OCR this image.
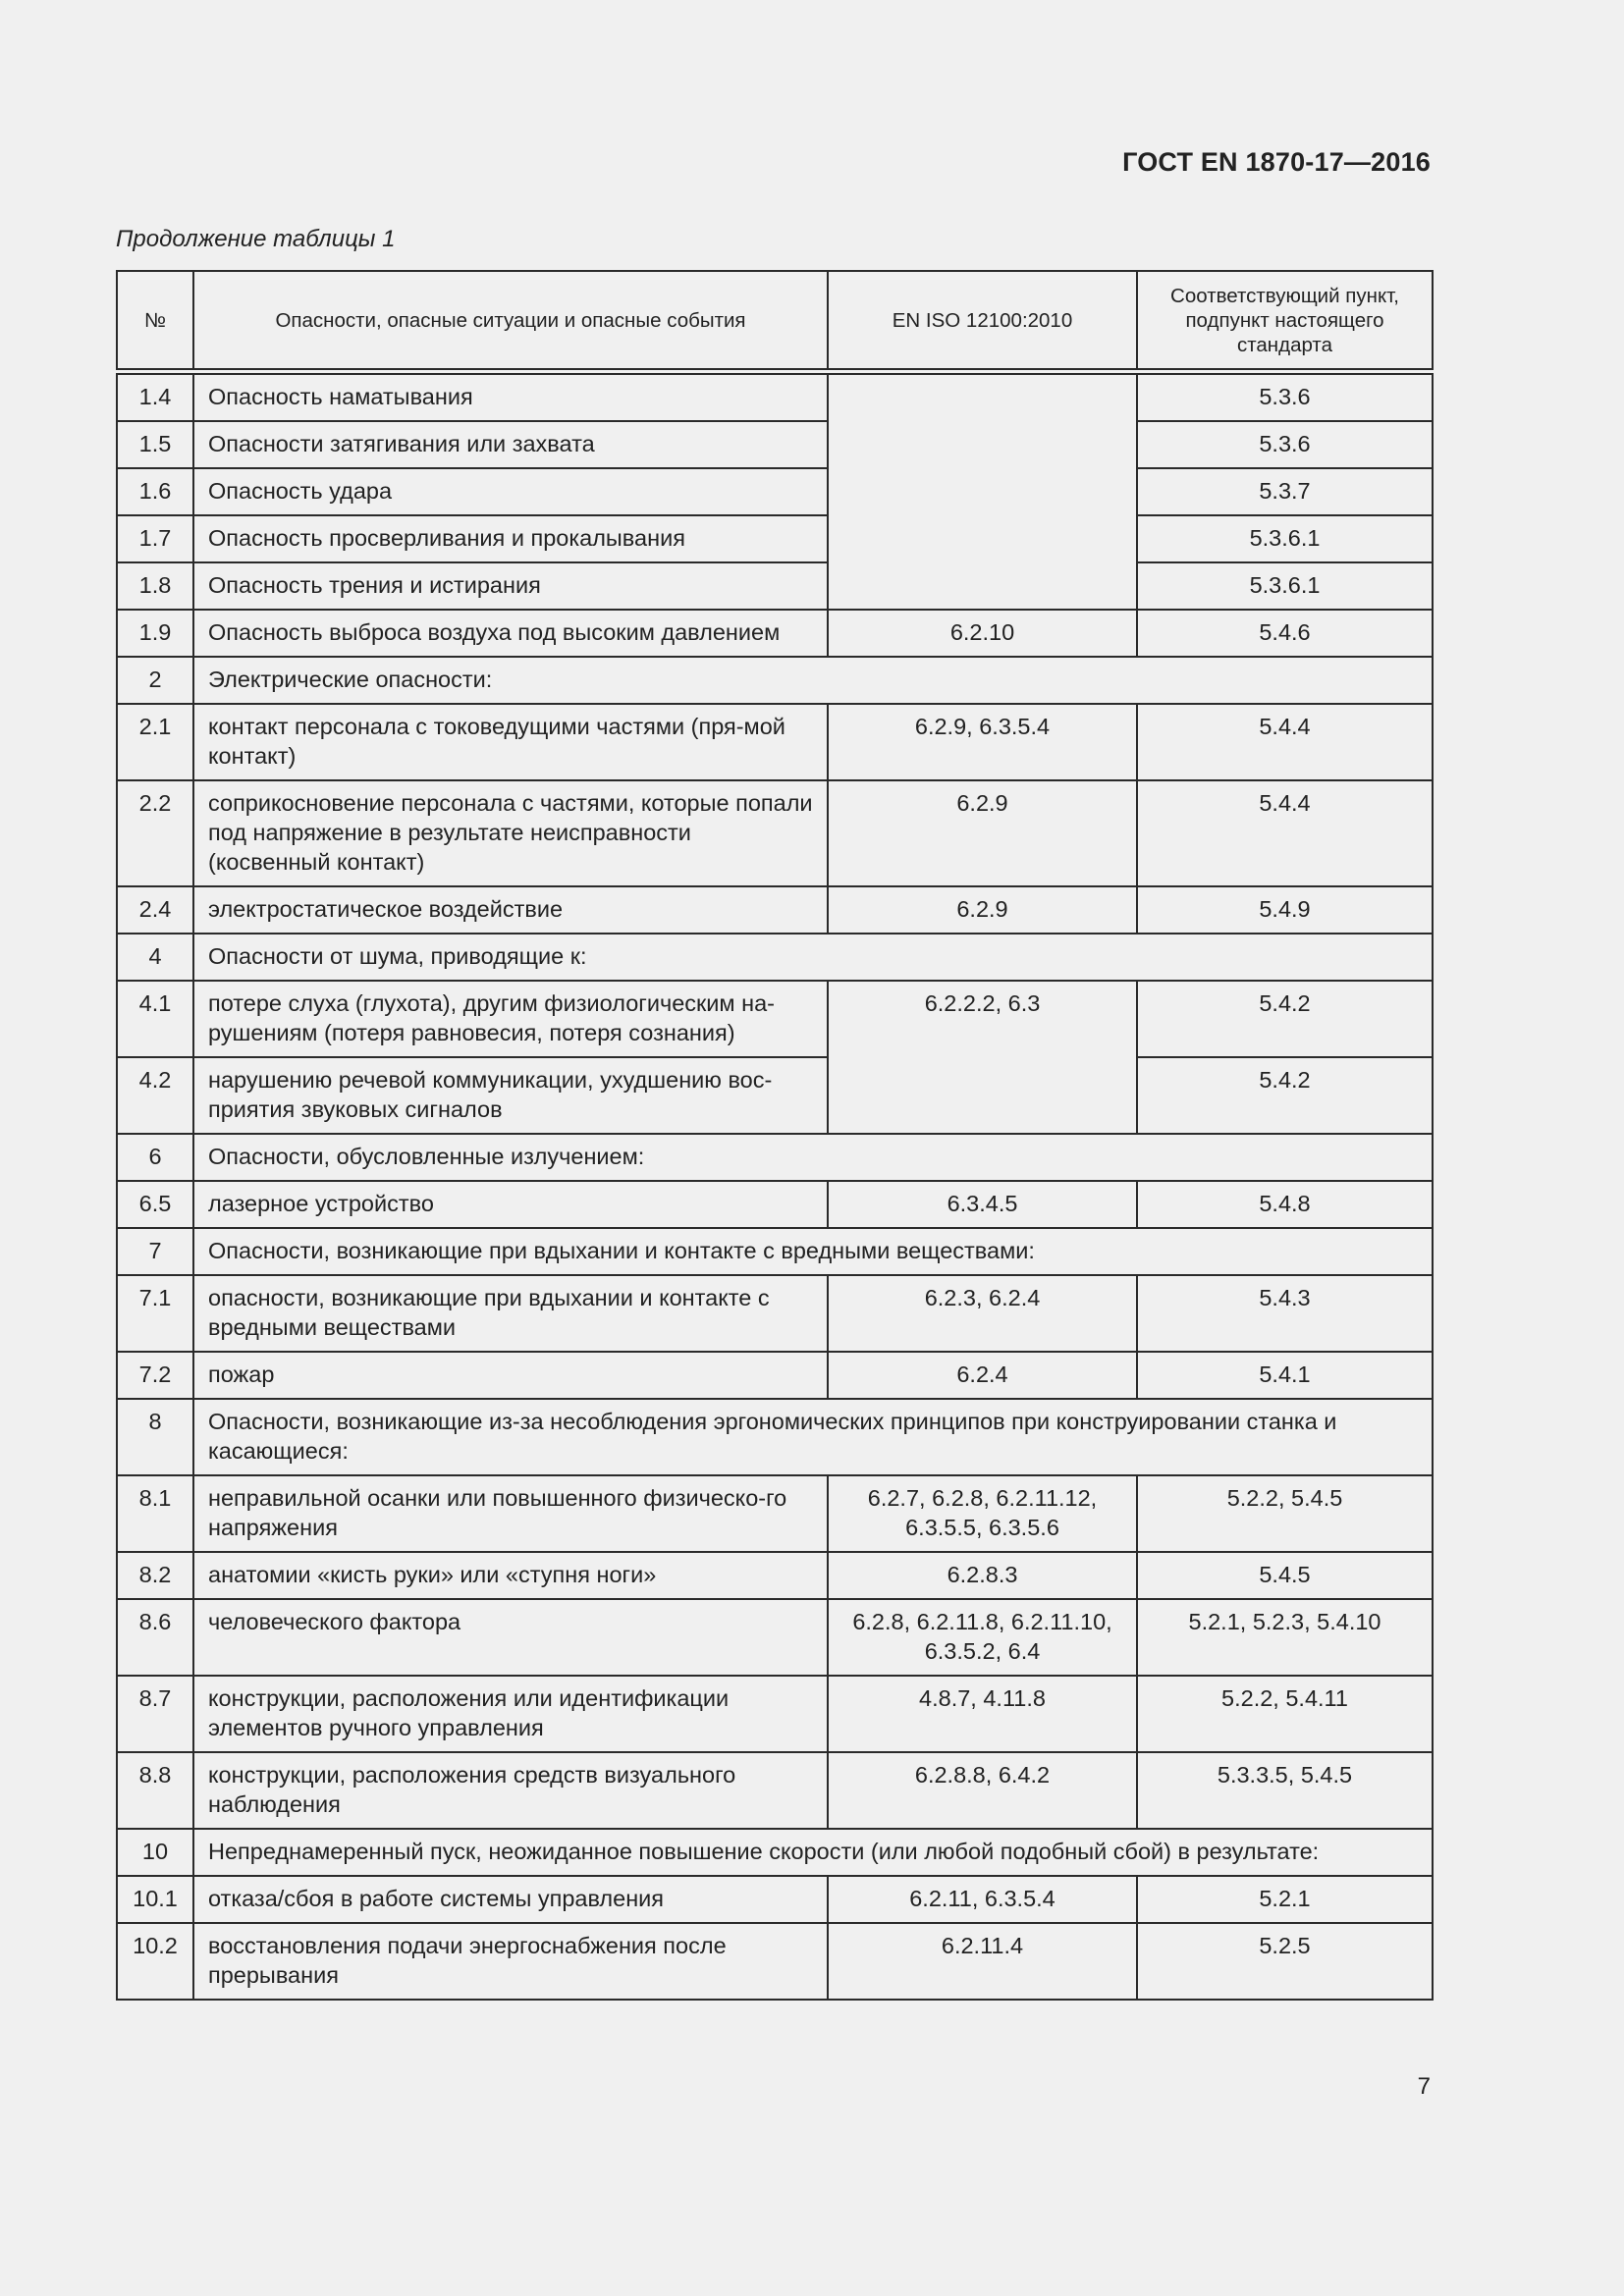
ГОСТ EN 1870-17—2016
Продолжение таблицы 1
№	Опасности, опасные ситуации и опасные события	EN ISO 12100:2010	Соответствующий пункт, подпункт настоящего стандарта
1.4	Опасность наматывания		5.3.6
1.5	Опасности затягивания или захвата		5.3.6
1.6	Опасность удара		5.3.7
1.7	Опасность просверливания и прокалывания		5.3.6.1
1.8	Опасность трения и истирания		5.3.6.1
1.9	Опасность выброса воздуха под высоким давлением	6.2.10	5.4.6
2	Электрические опасности:		
2.1	контакт персонала с токоведущими частями (пря-мой контакт)	6.2.9, 6.3.5.4	5.4.4
2.2	соприкосновение персонала с частями, которые попали под напряжение в результате неисправности (косвенный контакт)	6.2.9	5.4.4
2.4	электростатическое воздействие	6.2.9	5.4.9
4	Опасности от шума, приводящие к:		
4.1	потере слуха (глухота), другим физиологическим на-рушениям (потеря равновесия, потеря сознания)	6.2.2.2, 6.3	5.4.2
4.2	нарушению речевой коммуникации, ухудшению вос-приятия звуковых сигналов		5.4.2
6	Опасности, обусловленные излучением:		
6.5	лазерное устройство	6.3.4.5	5.4.8
7	Опасности, возникающие при вдыхании и контакте с вредными веществами:		
7.1	опасности, возникающие при вдыхании и контакте с вредными веществами	6.2.3, 6.2.4	5.4.3
7.2	пожар	6.2.4	5.4.1
8	Опасности, возникающие из-за несоблюдения эргономических принципов при конструировании станка и касающиеся:		
8.1	неправильной осанки или повышенного физическо-го напряжения	6.2.7, 6.2.8, 6.2.11.12, 6.3.5.5, 6.3.5.6	5.2.2, 5.4.5
8.2	анатомии «кисть руки» или «ступня ноги»	6.2.8.3	5.4.5
8.6	человеческого фактора	6.2.8, 6.2.11.8, 6.2.11.10, 6.3.5.2, 6.4	5.2.1, 5.2.3, 5.4.10
8.7	конструкции, расположения или идентификации элементов ручного управления	4.8.7, 4.11.8	5.2.2, 5.4.11
8.8	конструкции, расположения средств визуального наблюдения	6.2.8.8, 6.4.2	5.3.3.5, 5.4.5
10	Непреднамеренный пуск, неожиданное повышение скорости (или любой подобный сбой) в результате:		
10.1	отказа/сбоя в работе системы управления	6.2.11, 6.3.5.4	5.2.1
10.2	восстановления подачи энергоснабжения после прерывания	6.2.11.4	5.2.5
7
